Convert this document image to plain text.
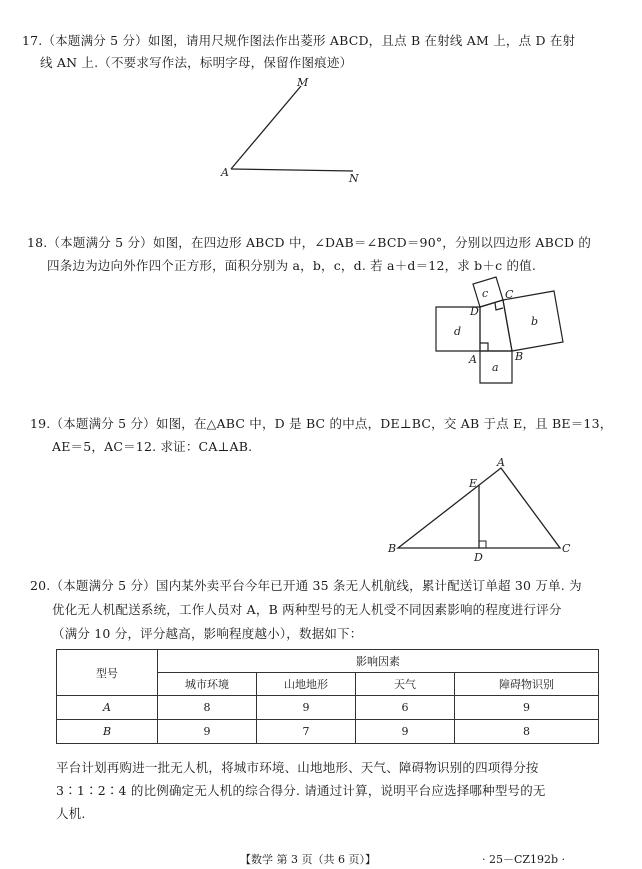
17.（本题满分 5 分）如图，请用尺规作图法作出菱形 ABCD，且点 B 在射线 AM 上，点 D 在射
线 AN 上.（不要求写作法，标明字母，保留作图痕迹）
M
A	N
18.（本题满分 5 分）如图，在四边形 ABCD 中，∠DAB＝∠BCD＝90°，分别以四边形 ABCD 的
四条边为边向外作四个正方形，面积分别为 a，b，c，d. 若 a＋d＝12，求 b＋c 的值.
c C
D
d
b
A	B
a
19.（本题满分 5 分）如图，在△ABC 中，D 是 BC 的中点，DE⊥BC，交 AB 于点 E，且 BE＝13，
AE＝5，AC＝12. 求证：CA⊥AB.
A
E
B
D
C
20.（本题满分 5 分）国内某外卖平台今年已开通 35 条无人机航线，累计配送订单超 30 万单. 为
优化无人机配送系统，工作人员对 A，B 两种型号的无人机受不同因素影响的程度进行评分
（满分 10 分，评分越高，影响程度越小），数据如下：
型号	影响因素			
	城市环境	山地地形	天气	障碍物识别
A	8	9	6	9
B	9	7	9	8
平台计划再购进一批无人机，将城市环境、山地地形、天气、障碍物识别的四项得分按
3∶1∶2∶4 的比例确定无人机的综合得分. 请通过计算，说明平台应选择哪种型号的无
人机.
【数学 第 3 页（共 6 页）】	· 25－CZ192b ·
